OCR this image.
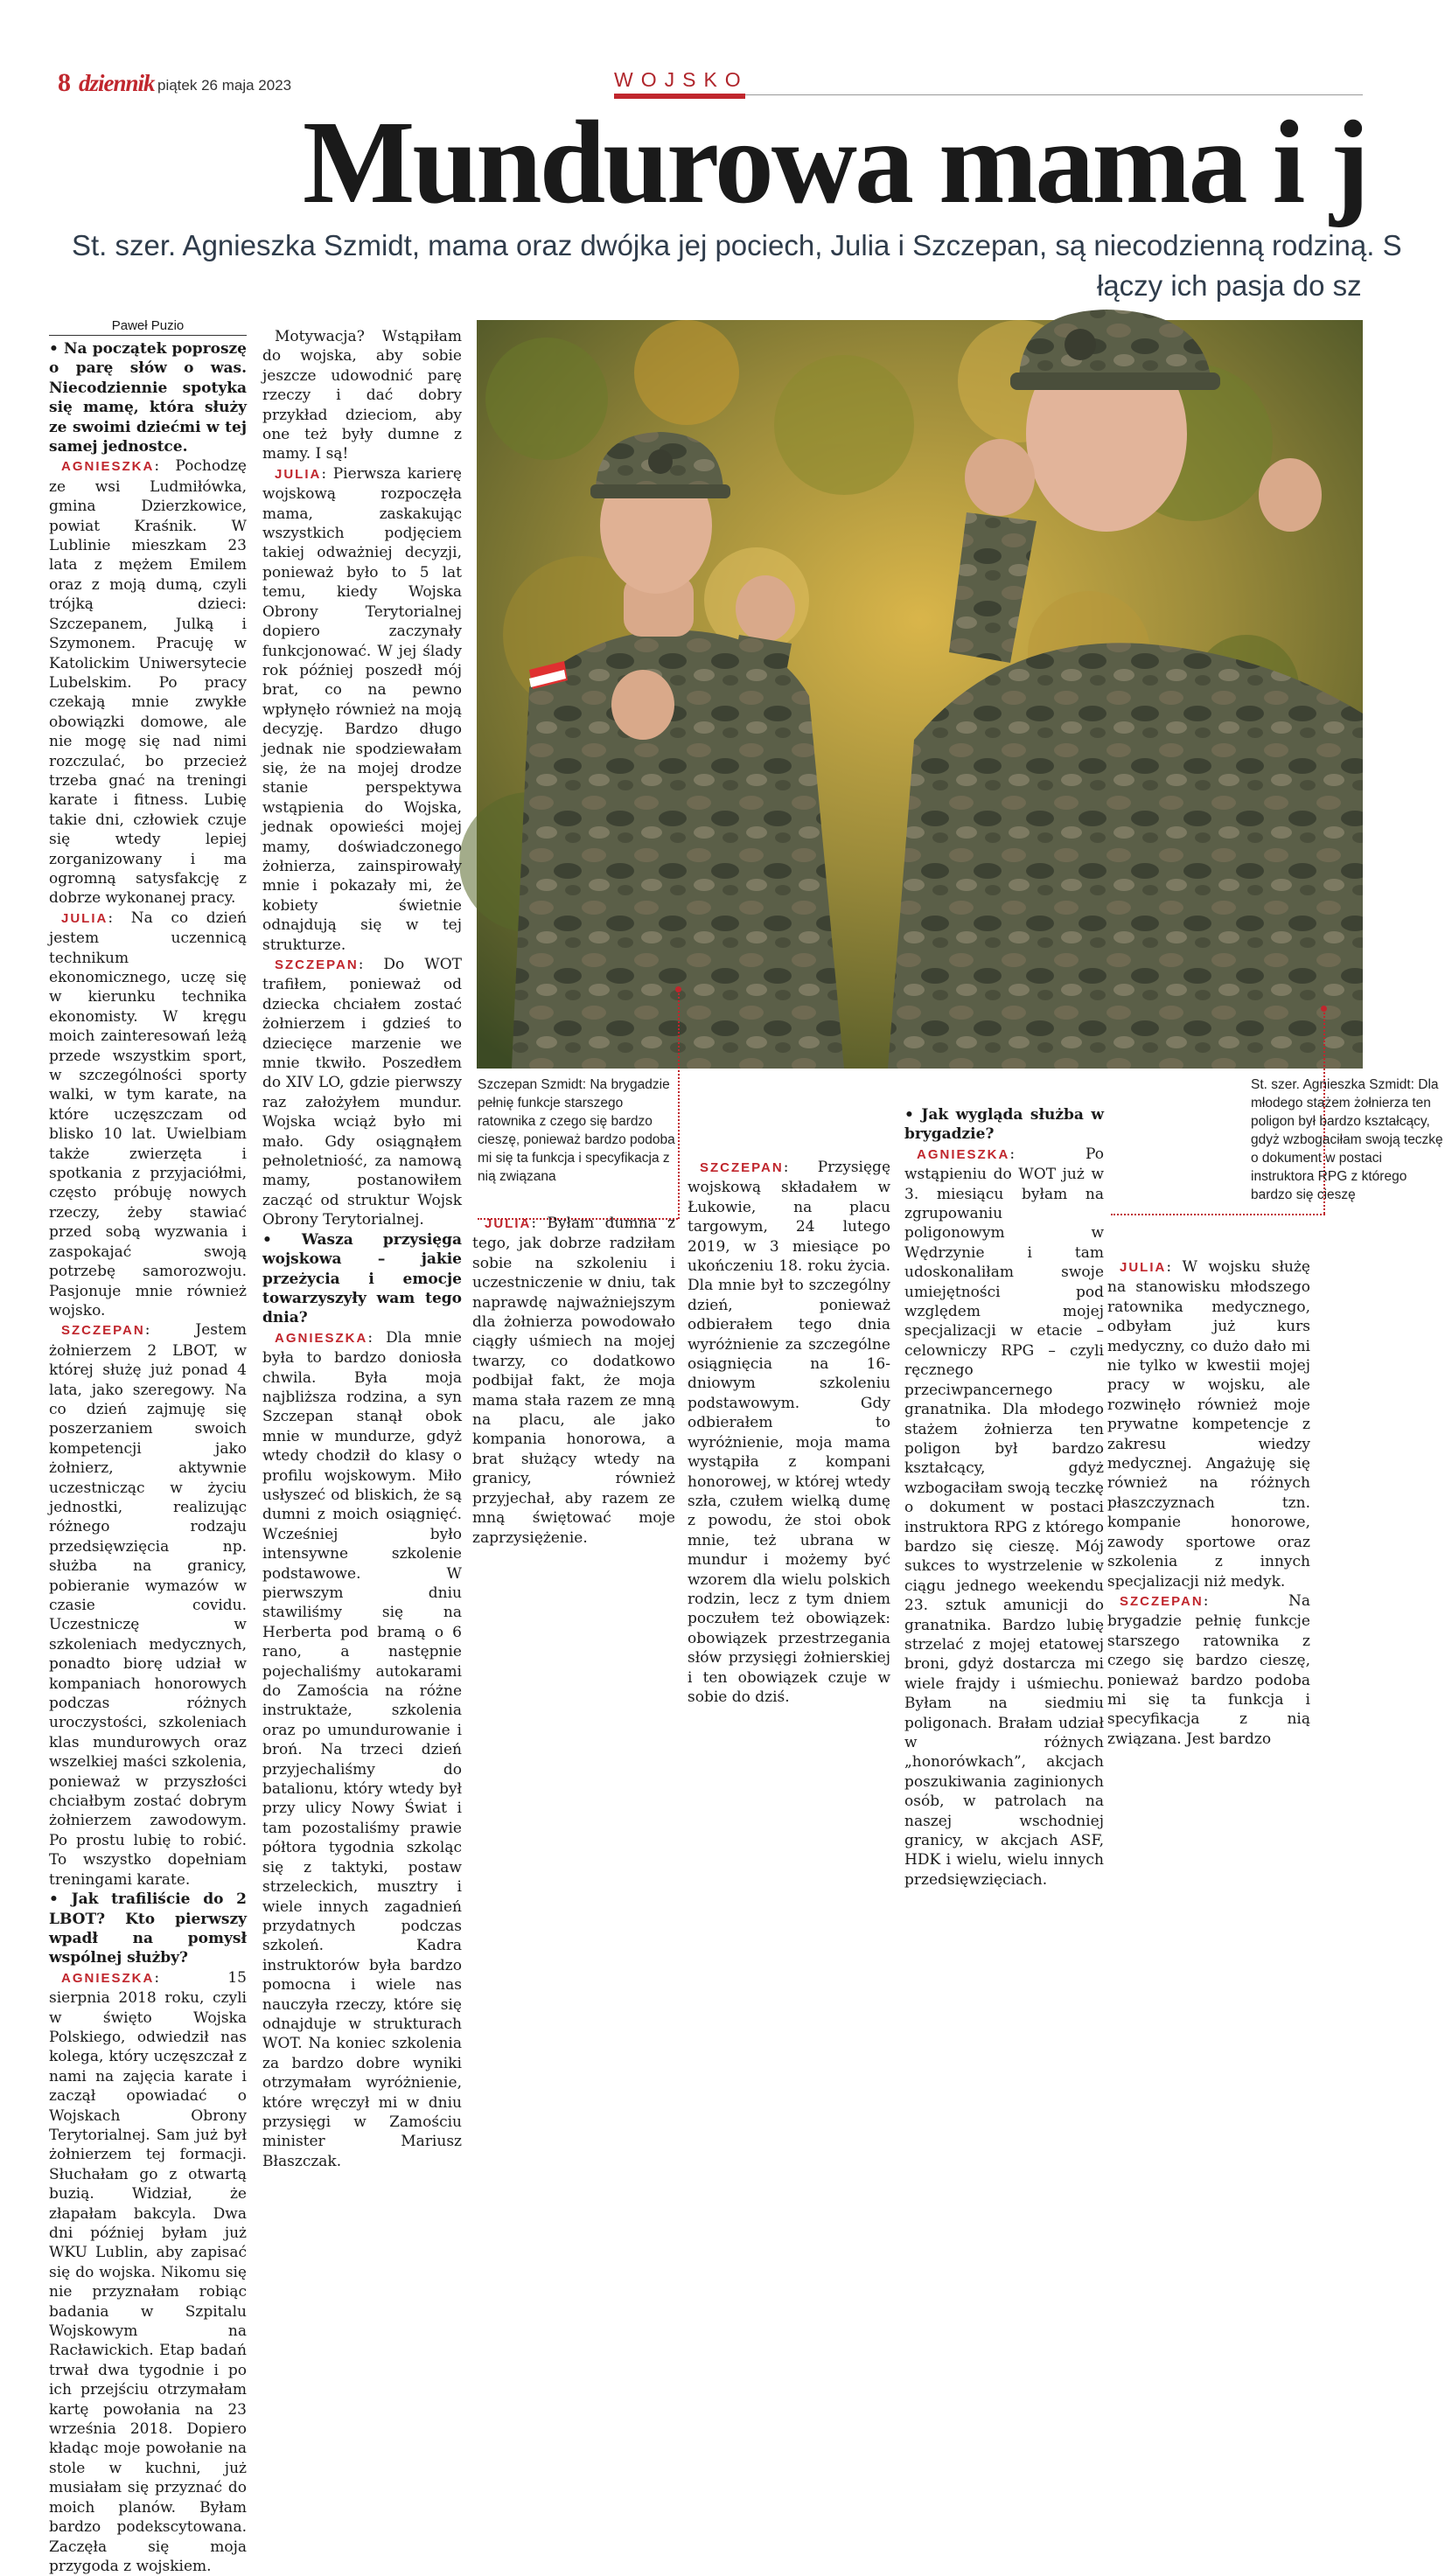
8 dziennik piątek 26 maja 2023	WOJSKO
Mundurowa mama i j
St. szer. Agnieszka Szmidt, mama oraz dwójka jej pociech, Julia i Szczepan, są niecodzienną rodziną. S
łączy ich pasja do sz
Paweł Puzio
Szczepan Szmidt: Na brygadzie pełnię funkcje starszego ratownika z czego się bardzo cieszę, ponieważ bardzo podoba mi się ta funkcja i specyfikacja z nią związana
St. szer. Agnieszka Szmidt: Dla młodego stażem żołnierza ten poligon był bardzo kształcący, gdyż wzbogaciłam swoją teczkę o dokument w postaci instruktora RPG z którego bardzo się cieszę

• Na początek poproszę o parę słów o was. Niecodziennie spotyka się mamę, która służy ze swoimi dziećmi w tej samej jednostce.

AGNIESZKA: Pochodzę ze wsi Ludmiłówka, gmina Dzierzkowice, powiat Kraśnik. W Lublinie mieszkam 23 lata z mężem Emilem oraz z moją dumą, czyli trójką dzieci: Szczepanem, Julką i Szymonem. Pracuję w Katolickim Uniwersytecie Lubelskim. Po pracy czekają mnie zwykłe obowiązki domowe, ale nie mogę się nad nimi rozczulać, bo przecież trzeba gnać na treningi karate i fitness. Lubię takie dni, człowiek czuje się wtedy lepiej zorganizowany i ma ogromną satysfakcję z dobrze wykonanej pracy.

JULIA: Na co dzień jestem uczennicą technikum ekonomicznego, uczę się w kierunku technika ekonomisty. W kręgu moich zainteresowań leżą przede wszystkim sport, w szczególności sporty walki, w tym karate, na które uczęszczam od blisko 10 lat. Uwielbiam także zwierzęta i spotkania z przyjaciółmi, często próbuję nowych rzeczy, żeby stawiać przed sobą wyzwania i zaspokajać swoją potrzebę samorozwoju. Pasjonuje mnie również wojsko.

SZCZEPAN: Jestem żołnierzem 2 LBOT, w której służę już ponad 4 lata, jako szeregowy. Na co dzień zajmuję się poszerzaniem swoich kompetencji jako żołnierz, aktywnie uczestnicząc w życiu jednostki, realizując różnego rodzaju przedsięwzięcia np. służba na granicy, pobieranie wymazów w czasie covidu. Uczestniczę w szkoleniach medycznych, ponadto biorę udział w kompaniach honorowych podczas różnych uroczystości, szkoleniach klas mundurowych oraz wszelkiej maści szkolenia, ponieważ w przyszłości chciałbym zostać dobrym żołnierzem zawodowym. Po prostu lubię to robić. To wszystko dopełniam treningami karate.

• Jak trafiliście do 2 LBOT? Kto pierwszy wpadł na pomysł wspólnej służby?

AGNIESZKA: 15 sierpnia 2018 roku, czyli w święto Wojska Polskiego, odwiedził nas kolega, który uczęszczał z nami na zajęcia karate i zaczął opowiadać o Wojskach Obrony Terytorialnej. Sam już był żołnierzem tej formacji. Słuchałam go z otwartą buzią. Widział, że złapałam bakcyla. Dwa dni później byłam już WKU Lublin, aby zapisać się do wojska. Nikomu się nie przyznałam robiąc badania w Szpitalu Wojskowym na Racławickich. Etap badań trwał dwa tygodnie i po ich przejściu otrzymałam kartę powołania na 23 września 2018. Dopiero kładąc moje powołanie na stole w kuchni, już musiałam się przyznać do moich planów. Byłam bardzo podekscytowana. Zaczęła się moja przygoda z wojskiem.

Motywacja? Wstąpiłam do wojska, aby sobie jeszcze udowodnić parę rzeczy i dać dobry przykład dzieciom, aby one też były dumne z mamy. I są!

JULIA: Pierwsza karierę wojskową rozpoczęła mama, zaskakując wszystkich podjęciem takiej odważniej decyzji, ponieważ było to 5 lat temu, kiedy Wojska Obrony Terytorialnej dopiero zaczynały funkcjonować. W jej ślady rok później poszedł mój brat, co na pewno wpłynęło również na moją decyzję. Bardzo długo jednak nie spodziewałam się, że na mojej drodze stanie perspektywa wstąpienia do Wojska, jednak opowieści mojej mamy, doświadczonego żołnierza, zainspirowały mnie i pokazały mi, że kobiety świetnie odnajdują się w tej strukturze.

SZCZEPAN: Do WOT trafiłem, ponieważ od dziecka chciałem zostać żołnierzem i gdzieś to dziecięce marzenie we mnie tkwiło. Poszedłem do XIV LO, gdzie pierwszy raz założyłem mundur. Wojska wciąż było mi mało. Gdy osiągnąłem pełnoletniość, za namową mamy, postanowiłem zacząć od struktur Wojsk Obrony Terytorialnej.

• Wasza przysięga wojskowa – jakie przeżycia i emocje towarzyszyły wam tego dnia?

AGNIESZKA: Dla mnie była to bardzo doniosła chwila. Była moja najbliższa rodzina, a syn Szczepan stanął obok mnie w mundurze, gdyż wtedy chodził do klasy o profilu wojskowym. Miło usłyszeć od bliskich, że są dumni z moich osiągnięć. Wcześniej było intensywne szkolenie podstawowe. W pierwszym dniu stawiliśmy się na Herberta pod bramą o 6 rano, a następnie pojechaliśmy autokarami do Zamościa na różne instruktaże, szkolenia oraz po umundurowanie i broń. Na trzeci dzień przyjechaliśmy do batalionu, który wtedy był przy ulicy Nowy Świat i tam pozostaliśmy prawie półtora tygodnia szkoląc się z taktyki, postaw strzeleckich, musztry i wiele innych zagadnień przydatnych podczas szkoleń. Kadra instruktorów była bardzo pomocna i wiele nas nauczyła rzeczy, które się odnajduje w strukturach WOT. Na koniec szkolenia za bardzo dobre wyniki otrzymałam wyróżnienie, które wręczył mi w dniu przysięgi w Zamościu minister Mariusz Błaszczak.

JULIA: Byłam dumna z tego, jak dobrze radziłam sobie na szkoleniu i uczestniczenie w dniu, tak naprawdę najważniejszym dla żołnierza powodowało ciągły uśmiech na mojej twarzy, co dodatkowo podbijał fakt, że moja mama stała razem ze mną na placu, ale jako kompania honorowa, a brat służący wtedy na granicy, również przyjechał, aby razem ze mną świętować moje zaprzysiężenie.

SZCZEPAN: Przysięgę wojskową składałem w Łukowie, na placu targowym, 24 lutego 2019, w 3 miesiące po ukończeniu 18. roku życia. Dla mnie był to szczególny dzień, ponieważ odbierałem tego dnia wyróżnienie za szczególne osiągnięcia na 16-dniowym szkoleniu podstawowym. Gdy odbierałem to wyróżnienie, moja mama wystąpiła z kompani honorowej, w której wtedy szła, czułem wielką dumę z powodu, że stoi obok mnie, też ubrana w mundur i możemy być wzorem dla wielu polskich rodzin, lecz z tym dniem poczułem też obowiązek: obowiązek przestrzegania słów przysięgi żołnierskiej i ten obowiązek czuje w sobie do dziś.

• Jak wygląda służba w brygadzie?

AGNIESZKA: Po wstąpieniu do WOT już w 3. miesiącu byłam na zgrupowaniu poligonowym w Wędrzynie i tam udoskonaliłam swoje umiejętności pod względem mojej specjalizacji w etacie – celowniczy RPG – czyli ręcznego przeciwpancernego granatnika. Dla młodego stażem żołnierza ten poligon był bardzo kształcący, gdyż wzbogaciłam swoją teczkę o dokument w postaci instruktora RPG z którego bardzo się cieszę. Mój sukces to wystrzelenie w ciągu jednego weekendu 23. sztuk amunicji do granatnika. Bardzo lubię strzelać z mojej etatowej broni, gdyż dostarcza mi wiele frajdy i uśmiechu. Byłam na siedmiu poligonach. Brałam udział w różnych „honorówkach”, akcjach poszukiwania zaginionych osób, w patrolach na naszej wschodniej granicy, w akcjach ASF, HDK i wielu, wielu innych przedsięwzięciach.

JULIA: W wojsku służę na stanowisku młodszego ratownika medycznego, odbyłam już kurs medyczny, co dużo dało mi nie tylko w kwestii mojej pracy w wojsku, ale rozwinęło również moje prywatne kompetencje z zakresu wiedzy medycznej. Angażuję się również na różnych płaszczyznach tzn. kompanie honorowe, zawody sportowe oraz szkolenia z innych specjalizacji niż medyk.

SZCZEPAN: Na brygadzie pełnię funkcje starszego ratownika z czego się bardzo cieszę, ponieważ bardzo podoba mi się ta funkcja i specyfikacja z nią związana. Jest bardzo
